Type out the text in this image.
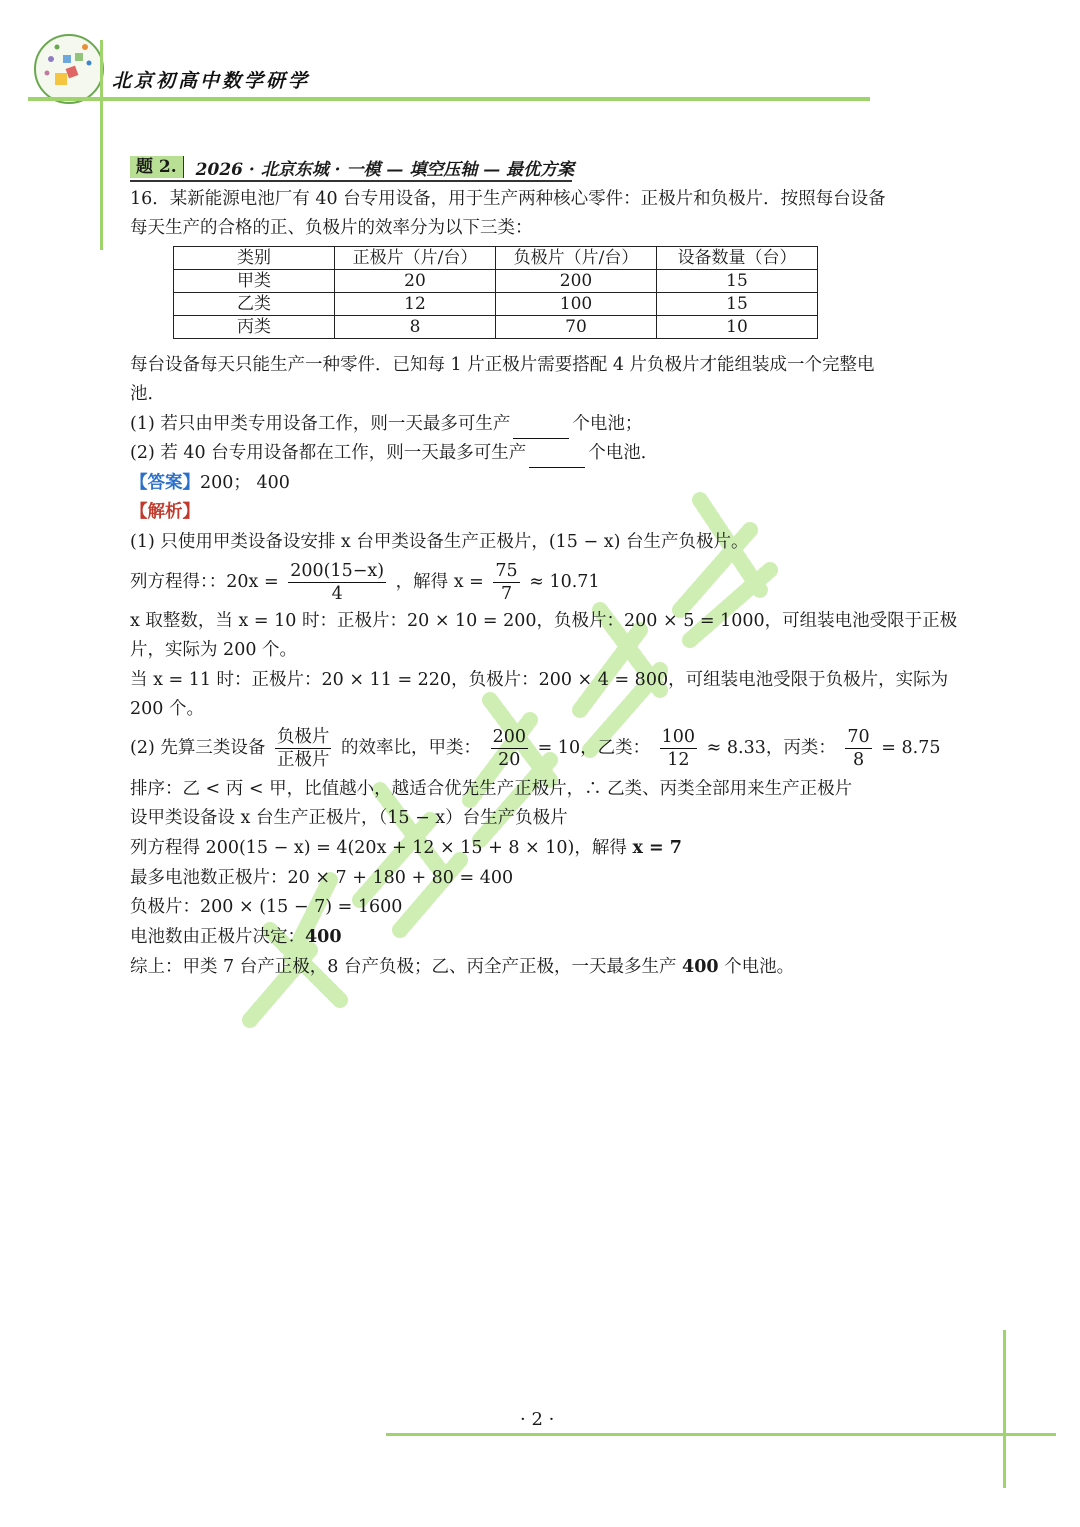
北京初高中数学研学
题 2.	2026 · 北京东城 · 一模 — 填空压轴 — 最优方案
16．某新能源电池厂有 40 台专用设备，用于生产两种核心零件：正极片和负极片．按照每台设备
每天生产的合格的正、负极片的效率分为以下三类：
类别	正极片（片/台）	负极片（片/台）	设备数量（台）
甲类	20	200	15
乙类	12	100	15
丙类	8	70	10
每台设备每天只能生产一种零件．已知每 1 片正极片需要搭配 4 片负极片才能组装成一个完整电
池．
(1) 若只由甲类专用设备工作，则一天最多可生产	个电池；
(2) 若 40 台专用设备都在工作，则一天最多可生产	个电池．
【答案】200； 400
【解析】
(1) 只使用甲类设备设安排 x 台甲类设备生产正极片，(15 − x) 台生产负极片。
列方程得：：$20x = \frac{200(15-x)}{4}$ ，解得 $x = \frac{75}{7} \approx 10.71$
x 取整数，当 x = 10 时：正极片：20 × 10 = 200，负极片：200 × 5 = 1000，可组装电池受限于正极
片，实际为 200 个。
当 x = 11 时：正极片：20 × 11 = 220，负极片：200 × 4 = 800，可组装电池受限于负极片，实际为
200 个。
(2) 先算三类设备 $\frac{\text{负极片}}{\text{正极片}}$ 的效率比，甲类： $\frac{200}{20} = 10$，乙类： $\frac{100}{12} \approx 8.33$，丙类： $\frac{70}{8} = 8.75$
排序：乙 < 丙 < 甲，比值越小，越适合优先生产正极片，∴ 乙类、丙类全部用来生产正极片
设甲类设备设 x 台生产正极片，（15 − x）台生产负极片
列方程得 200(15 − x) = 4(20x + 12 × 15 + 8 × 10)，解得 x = 7
最多电池数正极片：20 × 7 + 180 + 80 = 400
负极片：200 × (15 − 7) = 1600
电池数由正极片决定：400
综上：甲类 7 台产正极，8 台产负极；乙、丙全产正极，一天最多生产 400 个电池。
· 2 ·
